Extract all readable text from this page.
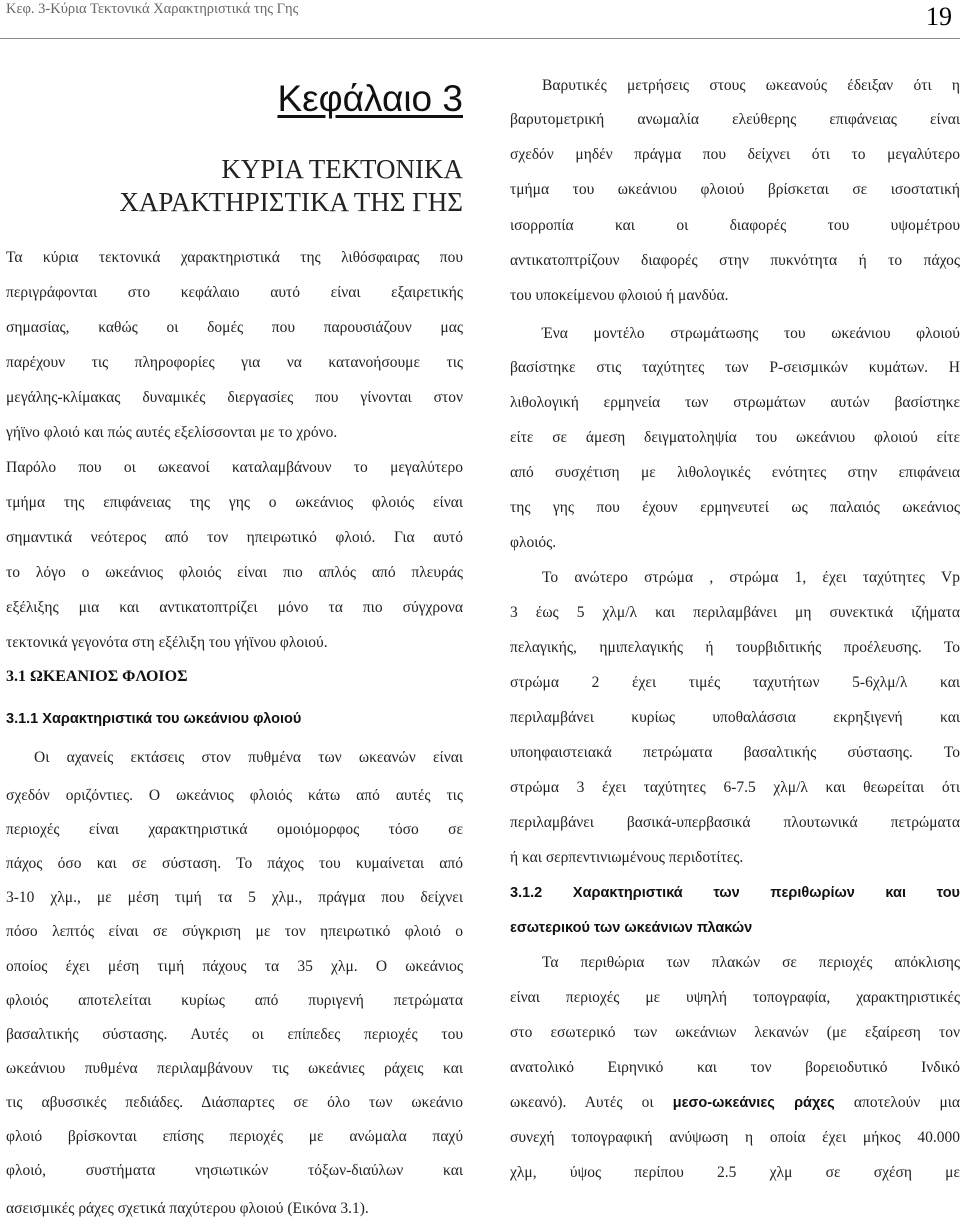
Κεφ. 3-Κύρια Τεκτονικά Χαρακτηριστικά της Γης	19
Κεφάλαιο 3
ΚΥΡΙΑ ΤΕΚΤΟΝΙΚΑ
ΧΑΡΑΚΤΗΡΙΣΤΙΚΑ ΤΗΣ ΓΗΣ
Τα κύρια τεκτονικά χαρακτηριστικά της λιθόσφαιρας που
περιγράφονται στο κεφάλαιο αυτό είναι εξαιρετικής
σημασίας, καθώς οι δομές που παρουσιάζουν μας
παρέχουν τις πληροφορίες για να κατανοήσουμε τις
μεγάλης-κλίμακας δυναμικές διεργασίες που γίνονται στον
γήϊνο φλοιό και πώς αυτές εξελίσσονται με το χρόνο.
Παρόλο που οι ωκεανοί καταλαμβάνουν το μεγαλύτερο
τμήμα της επιφάνειας της γης ο ωκεάνιος φλοιός είναι
σημαντικά νεότερος από τον ηπειρωτικό φλοιό. Για αυτό
το λόγο ο ωκεάνιος φλοιός είναι πιο απλός από πλευράς
εξέλιξης μια και αντικατοπτρίζει μόνο τα πιο σύγχρονα
τεκτονικά γεγονότα στη εξέλιξη του γήϊνου φλοιού.
3.1 ΩΚΕΑΝΙΟΣ ΦΛΟΙΟΣ
3.1.1 Χαρακτηριστικά του ωκεάνιου φλοιού
Οι αχανείς εκτάσεις στον πυθμένα των ωκεανών είναι
σχεδόν οριζόντιες. Ο ωκεάνιος φλοιός κάτω από αυτές τις
περιοχές είναι χαρακτηριστικά ομοιόμορφος τόσο σε
πάχος όσο και σε σύσταση. Το πάχος του κυμαίνεται από
3-10 χλμ., με μέση τιμή τα 5 χλμ., πράγμα που δείχνει
πόσο λεπτός είναι σε σύγκριση με τον ηπειρωτικό φλοιό ο
οποίος έχει μέση τιμή πάχους τα 35 χλμ. Ο ωκεάνιος
φλοιός αποτελείται κυρίως από πυριγενή πετρώματα
βασαλτικής σύστασης. Αυτές οι επίπεδες περιοχές του
ωκεάνιου πυθμένα περιλαμβάνουν τις ωκεάνιες ράχεις και
τις αβυσσικές πεδιάδες. Διάσπαρτες σε όλο των ωκεάνιο
φλοιό βρίσκονται επίσης περιοχές με ανώμαλα παχύ
φλοιό, συστήματα νησιωτικών τόξων-διαύλων και
ασεισμικές ράχες σχετικά παχύτερου φλοιού (Εικόνα 3.1).
Βαρυτικές μετρήσεις στους ωκεανούς έδειξαν ότι η
βαρυτομετρική ανωμαλία ελεύθερης επιφάνειας είναι
σχεδόν μηδέν πράγμα που δείχνει ότι το μεγαλύτερο
τμήμα του ωκεάνιου φλοιού βρίσκεται σε ισοστατική
ισορροπία και οι διαφορές του υψομέτρου
αντικατοπτρίζουν διαφορές στην πυκνότητα ή το πάχος
του υποκείμενου φλοιού ή μανδύα.
Ένα μοντέλο στρωμάτωσης του ωκεάνιου φλοιού
βασίστηκε στις ταχύτητες των P-σεισμικών κυμάτων. Η
λιθολογική ερμηνεία των στρωμάτων αυτών βασίστηκε
είτε σε άμεση δειγματοληψία του ωκεάνιου φλοιού είτε
από συσχέτιση με λιθολογικές ενότητες στην επιφάνεια
της γης που έχουν ερμηνευτεί ως παλαιός ωκεάνιος
φλοιός.
Το ανώτερο στρώμα , στρώμα 1, έχει ταχύτητες Vp
3 έως 5 χλμ/λ και περιλαμβάνει μη συνεκτικά ιζήματα
πελαγικής, ημιπελαγικής ή τουρβιδιτικής προέλευσης. Το
στρώμα 2 έχει τιμές ταχυτήτων 5-6χλμ/λ και
περιλαμβάνει κυρίως υποθαλάσσια εκρηξιγενή και
υποηφαιστειακά πετρώματα βασαλτικής σύστασης. Το
στρώμα 3 έχει ταχύτητες 6-7.5 χλμ/λ και θεωρείται ότι
περιλαμβάνει βασικά-υπερβασικά πλουτωνικά πετρώματα
ή και σερπεντινιωμένους περιδοτίτες.
3.1.2 Χαρακτηριστικά των περιθωρίων και του
εσωτερικού των ωκεάνιων πλακών
Τα περιθώρια των πλακών σε περιοχές απόκλισης
είναι περιοχές με υψηλή τοπογραφία, χαρακτηριστικές
στο εσωτερικό των ωκεάνιων λεκανών (με εξαίρεση τον
ανατολικό Ειρηνικό και τον βορειοδυτικό Ινδικό
ωκεανό). Αυτές οι μεσο-ωκεάνιες ράχες αποτελούν μια
συνεχή τοπογραφική ανύψωση η οποία έχει μήκος 40.000
χλμ, ύψος περίπου 2.5 χλμ σε σχέση με
